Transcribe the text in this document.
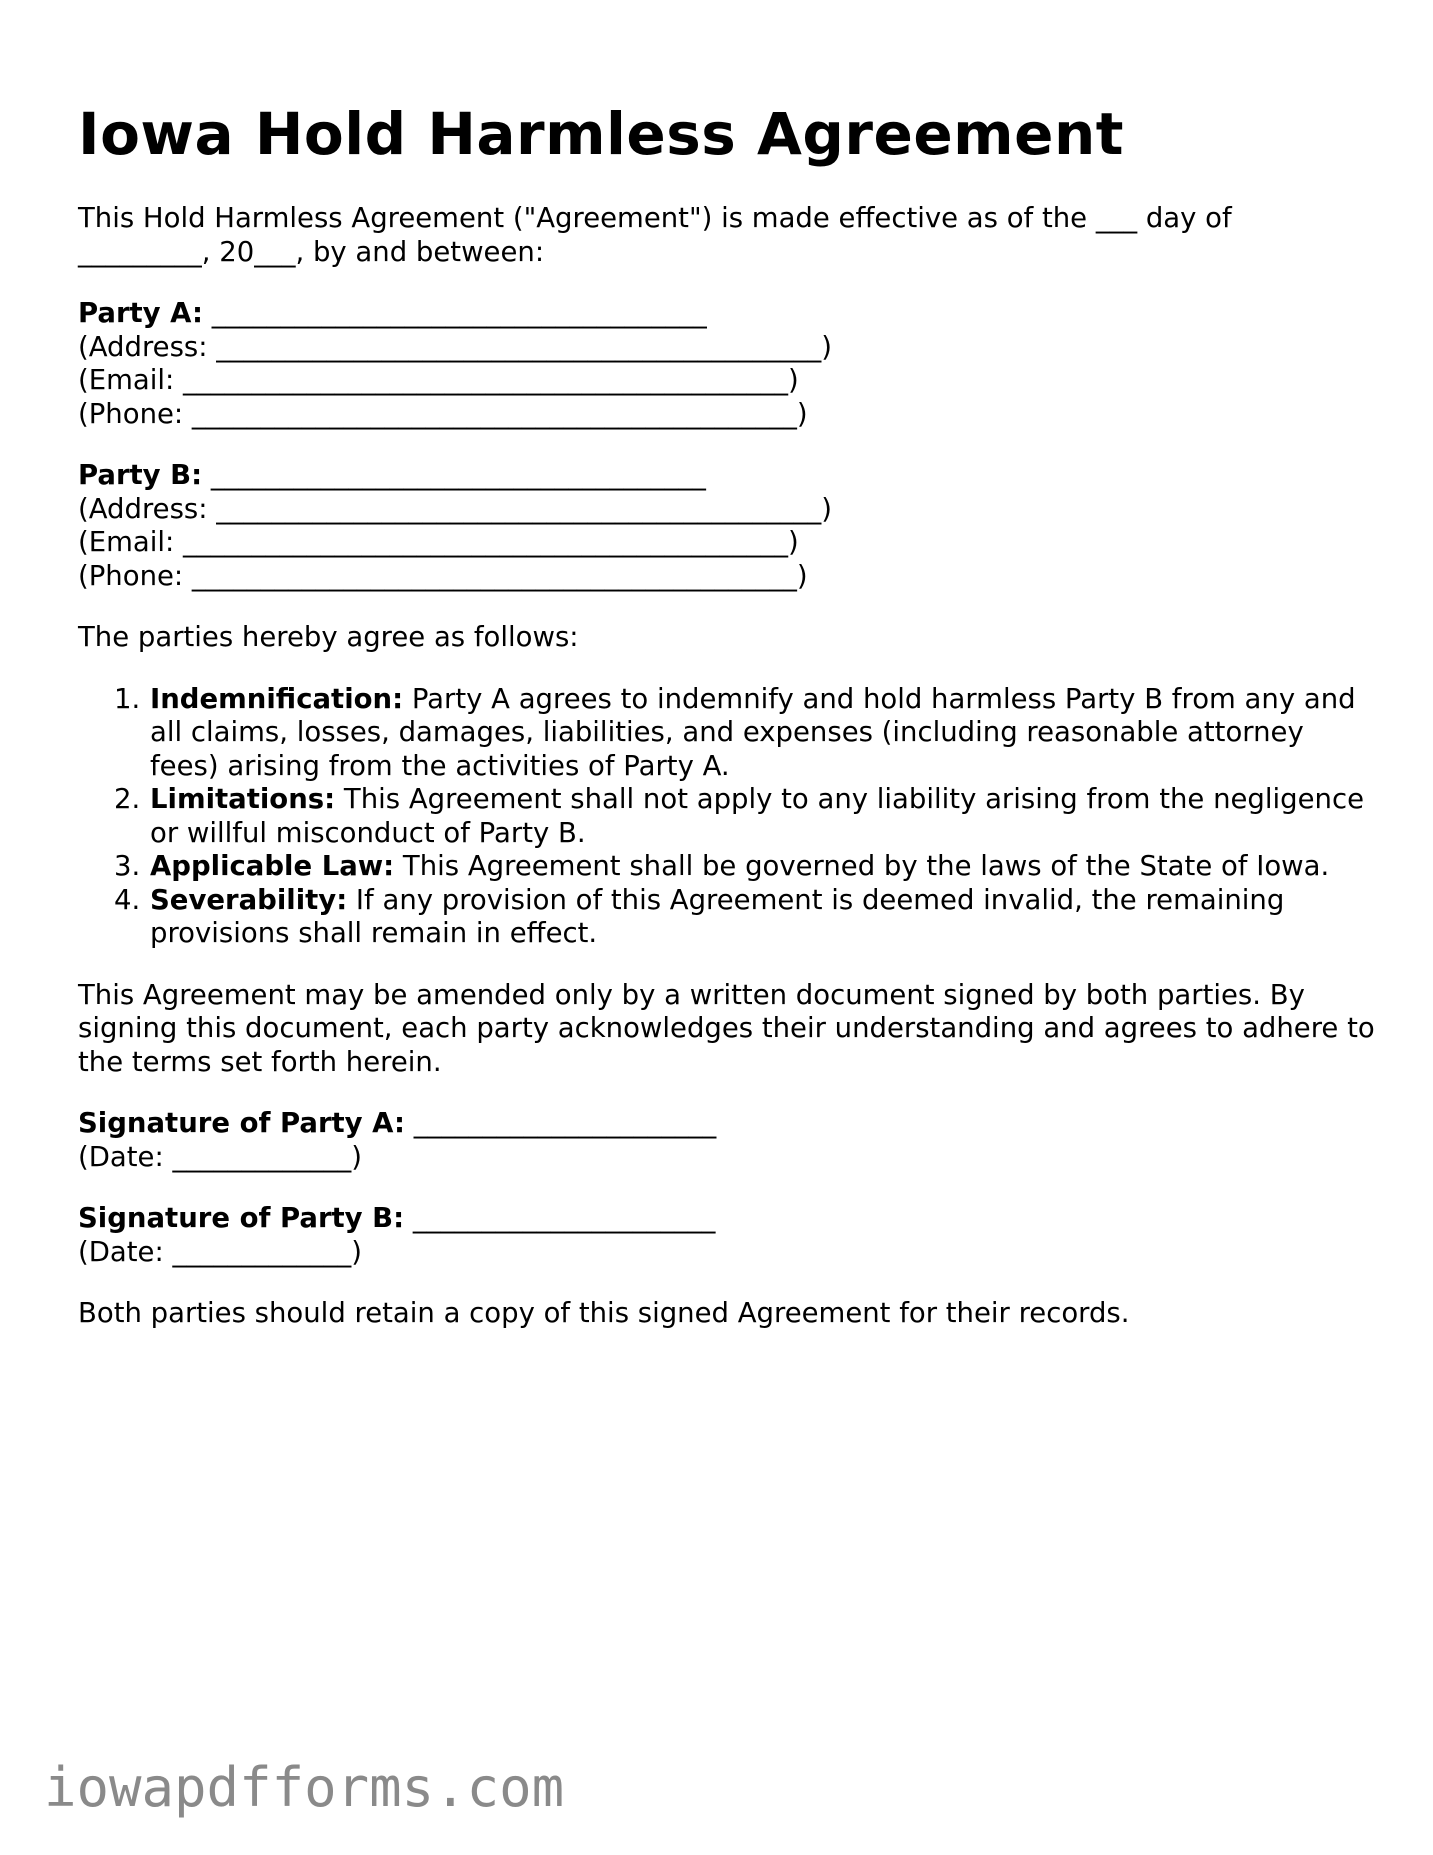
Iowa Hold Harmless Agreement
This Hold Harmless Agreement ("Agreement") is made effective as of the ___ day of
_________, 20___, by and between:
Party A: ____________________________________
(Address: ____________________________________________)
(Email: ____________________________________________)
(Phone: ____________________________________________)
Party B: ____________________________________
(Address: ____________________________________________)
(Email: ____________________________________________)
(Phone: ____________________________________________)
The parties hereby agree as follows:
1. Indemnification: Party A agrees to indemnify and hold harmless Party B from any and all claims, losses, damages, liabilities, and expenses (including reasonable attorney fees) arising from the activities of Party A.
2. Limitations: This Agreement shall not apply to any liability arising from the negligence or willful misconduct of Party B.
3. Applicable Law: This Agreement shall be governed by the laws of the State of Iowa.
4. Severability: If any provision of this Agreement is deemed invalid, the remaining provisions shall remain in effect.
This Agreement may be amended only by a written document signed by both parties. By signing this document, each party acknowledges their understanding and agrees to adhere to the terms set forth herein.
Signature of Party A: ______________________
(Date: _____________)
Signature of Party B: ______________________
(Date: _____________)
Both parties should retain a copy of this signed Agreement for their records.
iowapdfforms.com
